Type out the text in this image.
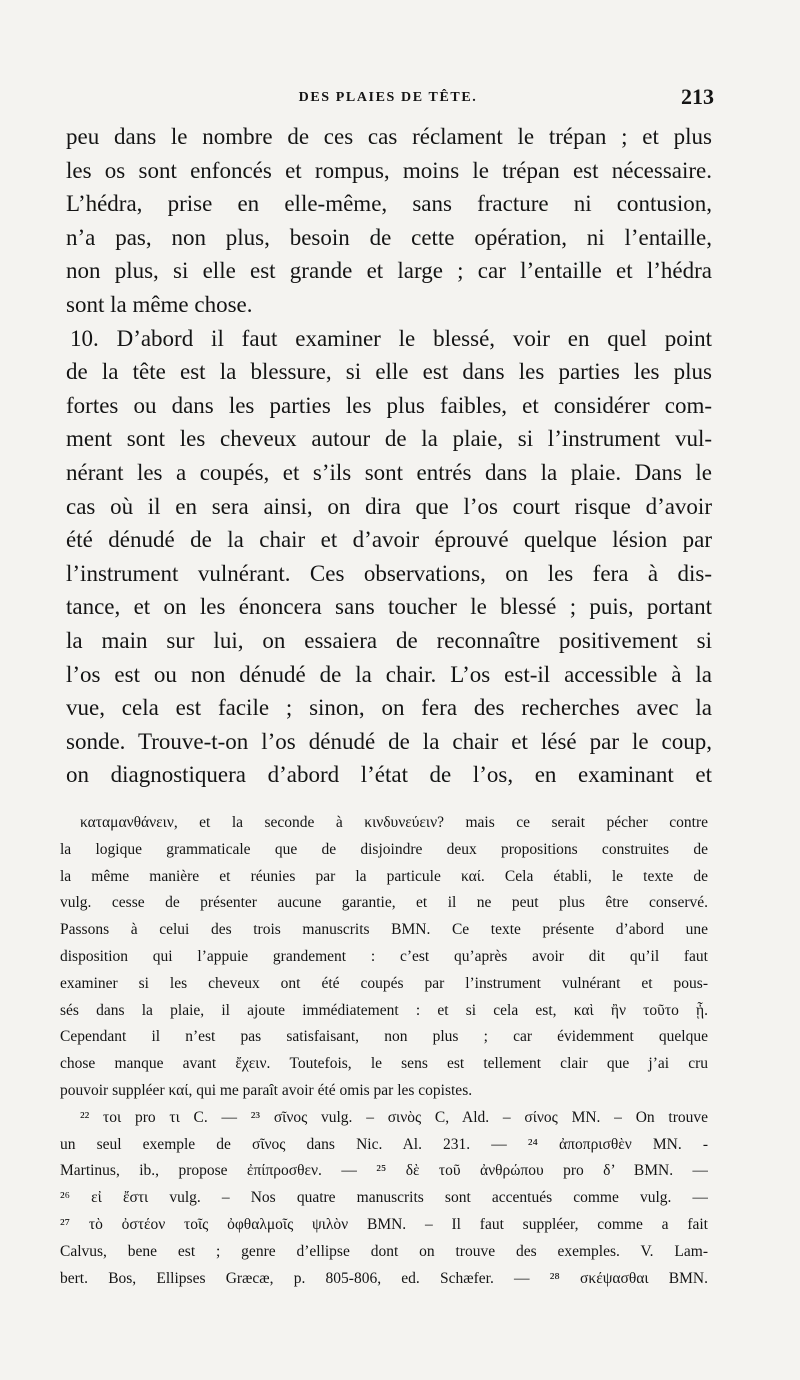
DES PLAIES DE TÊTE.	213
peu dans le nombre de ces cas réclament le trépan ; et plus
les os sont enfoncés et rompus, moins le trépan est nécessaire.
L’hédra, prise en elle-même, sans fracture ni contusion,
n’a pas, non plus, besoin de cette opération, ni l’entaille,
non plus, si elle est grande et large ; car l’entaille et l’hédra
sont la même chose.
10. D’abord il faut examiner le blessé, voir en quel point
de la tête est la blessure, si elle est dans les parties les plus
fortes ou dans les parties les plus faibles, et considérer com-
ment sont les cheveux autour de la plaie, si l’instrument vul-
nérant les a coupés, et s’ils sont entrés dans la plaie. Dans le
cas où il en sera ainsi, on dira que l’os court risque d’avoir
été dénudé de la chair et d’avoir éprouvé quelque lésion par
l’instrument vulnérant. Ces observations, on les fera à dis-
tance, et on les énoncera sans toucher le blessé ; puis, portant
la main sur lui, on essaiera de reconnaître positivement si
l’os est ou non dénudé de la chair. L’os est-il accessible à la
vue, cela est facile ; sinon, on fera des recherches avec la
sonde. Trouve-t-on l’os dénudé de la chair et lésé par le coup,
on diagnostiquera d’abord l’état de l’os, en examinant et
καταμανθάνειν, et la seconde à κινδυνεύειν? mais ce serait pécher contre
la logique grammaticale que de disjoindre deux propositions construites de
la même manière et réunies par la particule καί. Cela établi, le texte de
vulg. cesse de présenter aucune garantie, et il ne peut plus être conservé.
Passons à celui des trois manuscrits BMN. Ce texte présente d’abord une
disposition qui l’appuie grandement : c’est qu’après avoir dit qu’il faut
examiner si les cheveux ont été coupés par l’instrument vulnérant et pous-
sés dans la plaie, il ajoute immédiatement : et si cela est, καὶ ἢν τοῦτο ᾖ.
Cependant il n’est pas satisfaisant, non plus ; car évidemment quelque
chose manque avant ἔχειν. Toutefois, le sens est tellement clair que j’ai cru
pouvoir suppléer καί, qui me paraît avoir été omis par les copistes.
²² τοι pro τι C. — ²³ σῖνος vulg. – σινὸς C, Ald. – σίνος MN. – On trouve
un seul exemple de σῖνος dans Nic. Al. 231. — ²⁴ ἀποπρισθὲν MN. -
Martinus, ib., propose ἐπίπροσθεν. — ²⁵ δὲ τοῦ ἀνθρώπου pro δ’ BMN. —
²⁶ εἰ ἔστι vulg. – Nos quatre manuscrits sont accentués comme vulg. —
²⁷ τὸ ὀστέον τοῖς ὀφθαλμοῖς ψιλὸν BMN. – Il faut suppléer, comme a fait
Calvus, bene est ; genre d’ellipse dont on trouve des exemples. V. Lam-
bert. Bos, Ellipses Græcæ, p. 805-806, ed. Schæfer. — ²⁸ σκέψασθαι BMN.
